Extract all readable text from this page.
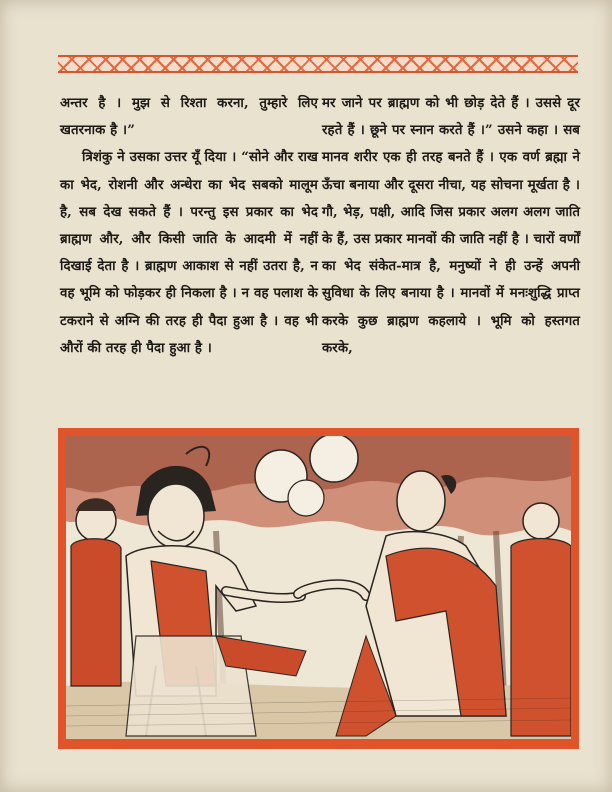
अन्तर है । मुझ से रिश्ता करना, तुम्हारे लिए खतरनाक है ।”

त्रिशंकु ने उसका उत्तर यूँ दिया । “सोने और राख का भेद, रोशनी और अन्धेरा का भेद सबको मालूम है, सब देख सकते हैं । परन्तु इस प्रकार का भेद ब्राह्मण और, और किसी जाति के आदमी में नहीं दिखाई देता है । ब्राह्मण आकाश से नहीं उतरा है, न वह भूमि को फोड़कर ही निकला है । न वह पलाश के टकराने से अग्नि की तरह ही पैदा हुआ है । वह भी औरों की तरह ही पैदा हुआ है ।

मर जाने पर ब्राह्मण को भी छोड़ देते हैं । उससे दूर रहते हैं । छूने पर स्नान करते हैं ।” उसने कहा । सब मानव शरीर एक ही तरह बनते हैं । एक वर्ण ब्रह्मा ने ऊँचा बनाया और दूसरा नीचा, यह सोचना मूर्खता है । गौ, भेड़, पक्षी, आदि जिस प्रकार अलग अलग जाति के हैं, उस प्रकार मानवों की जाति नहीं है । चारों वर्णों का भेद संकेत-मात्र है, मनुष्यों ने ही उन्हें अपनी सुविधा के लिए बनाया है । मानवों में मनःशुद्धि प्राप्त करके कुछ ब्राह्मण कहलाये । भूमि को हस्तगत करके,
